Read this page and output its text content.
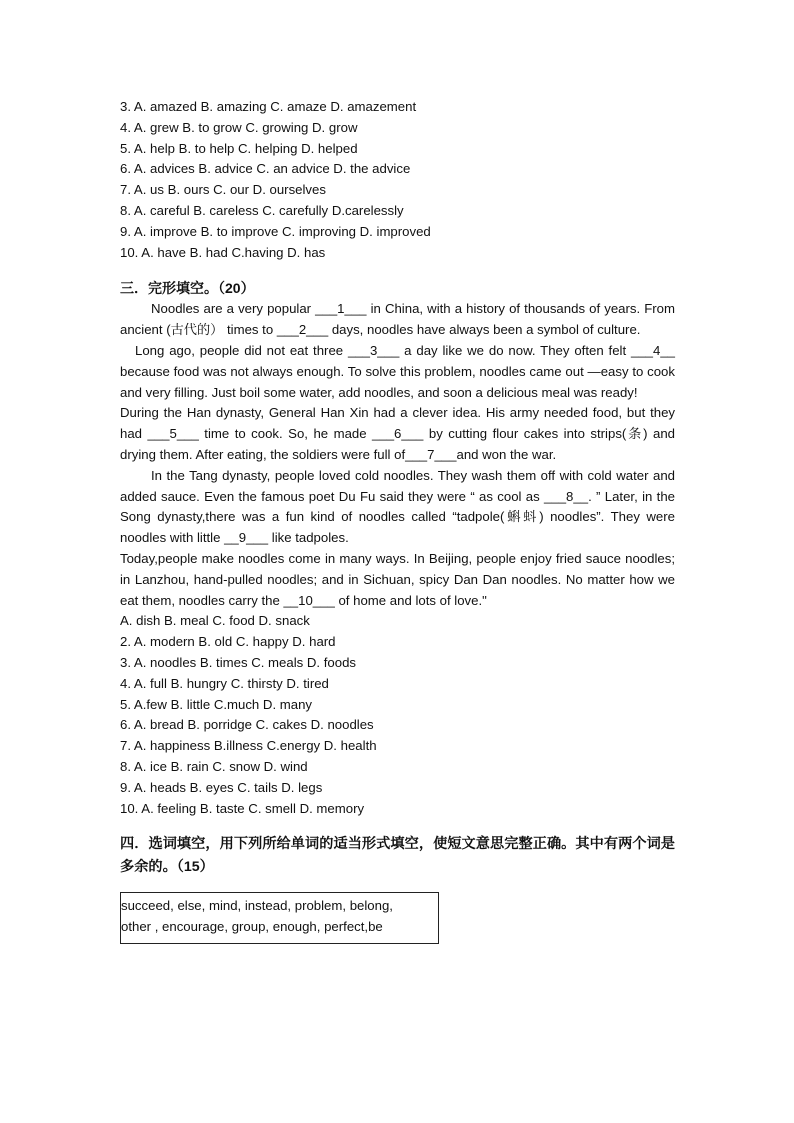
3. A. amazed B. amazing C. amaze D. amazement
4. A. grew B. to grow C. growing D. grow
5. A. help B. to help C. helping D. helped
6. A. advices B. advice C. an advice D. the advice
7. A. us B. ours C. our D. ourselves
8. A. careful B. careless C. carefully D.carelessly
9. A. improve B. to improve C. improving D. improved
10. A. have B. had C.having D. has
三．完形填空。（20）
Noodles are a very popular ___1___ in China, with a history of thousands of years. From ancient (古代的） times to ___2___ days, noodles have always been a symbol of culture.
Long ago, people did not eat three ___3___ a day like we do now. They often felt ___4__ because food was not always enough. To solve this problem, noodles came out —easy to cook and very filling. Just boil some water, add noodles, and soon a delicious meal was ready!
During the Han dynasty, General Han Xin had a clever idea. His army needed food, but they had ___5___ time to cook. So, he made ___6___ by cutting flour cakes into strips(条) and drying them. After eating, the soldiers were full of___7___and won the war.
In the Tang dynasty, people loved cold noodles. They wash them off with cold water and added sauce. Even the famous poet Du Fu said they were “ as cool as ___8__. ” Later, in the Song dynasty,there was a fun kind of noodles called “tadpole(蝌蚪) noodles”. They were noodles with little __9___ like tadpoles.
Today,people make noodles come in many ways. In Beijing, people enjoy fried sauce noodles; in Lanzhou, hand-pulled noodles; and in Sichuan, spicy Dan Dan noodles. No matter how we eat them, noodles carry the __10___ of home and lots of love."
A. dish B. meal C. food D. snack
2. A. modern B. old C. happy D. hard
3. A. noodles B. times C. meals D. foods
4. A. full B. hungry C. thirsty D. tired
5. A.few B. little C.much D. many
6. A. bread B. porridge C. cakes D. noodles
7. A. happiness B.illness C.energy D. health
8. A. ice B. rain C. snow D. wind
9. A. heads B. eyes C. tails D. legs
10. A. feeling B. taste C. smell D. memory
四．选词填空，用下列所给单词的适当形式填空，使短文意思完整正确。其中有两个词是多余的。（15）
succeed, else, mind, instead, problem, belong,
other , encourage, group, enough, perfect,be
